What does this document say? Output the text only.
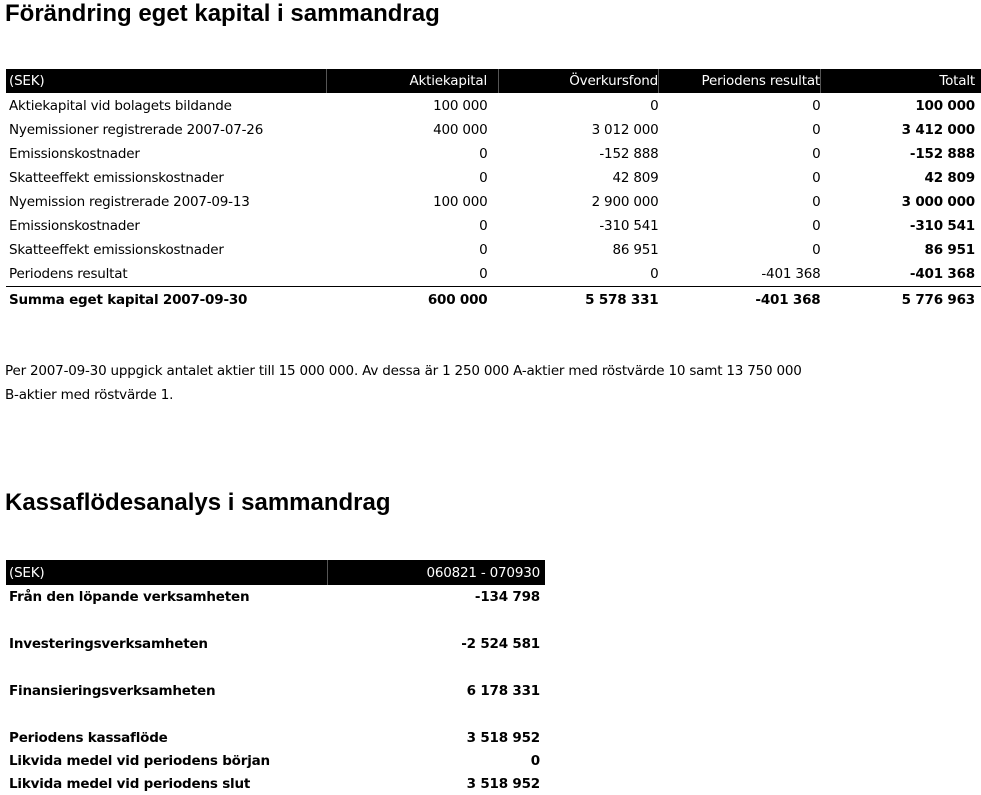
Förändring eget kapital i sammandrag
(SEK)	Aktiekapital	Överkursfond	Periodens resultat	Totalt
Aktiekapital vid bolagets bildande	100 000	0	0	100 000
Nyemissioner registrerade 2007-07-26	400 000	3 012 000	0	3 412 000
Emissionskostnader	0	-152 888	0	-152 888
Skatteeffekt emissionskostnader	0	42 809	0	42 809
Nyemission registrerade 2007-09-13	100 000	2 900 000	0	3 000 000
Emissionskostnader	0	-310 541	0	-310 541
Skatteeffekt emissionskostnader	0	86 951	0	86 951
Periodens resultat	0	0	-401 368	-401 368
Summa eget kapital 2007-09-30	600 000	5 578 331	-401 368	5 776 963
Per 2007-09-30 uppgick antalet aktier till 15 000 000. Av dessa är 1 250 000 A-aktier med röstvärde 10 samt 13 750 000
B-aktier med röstvärde 1.
Kassaflödesanalys i sammandrag
(SEK)	060821 - 070930
Från den löpande verksamheten	-134 798

Investeringsverksamheten	-2 524 581

Finansieringsverksamheten	6 178 331

Periodens kassaflöde	3 518 952
Likvida medel vid periodens början	0
Likvida medel vid periodens slut	3 518 952
